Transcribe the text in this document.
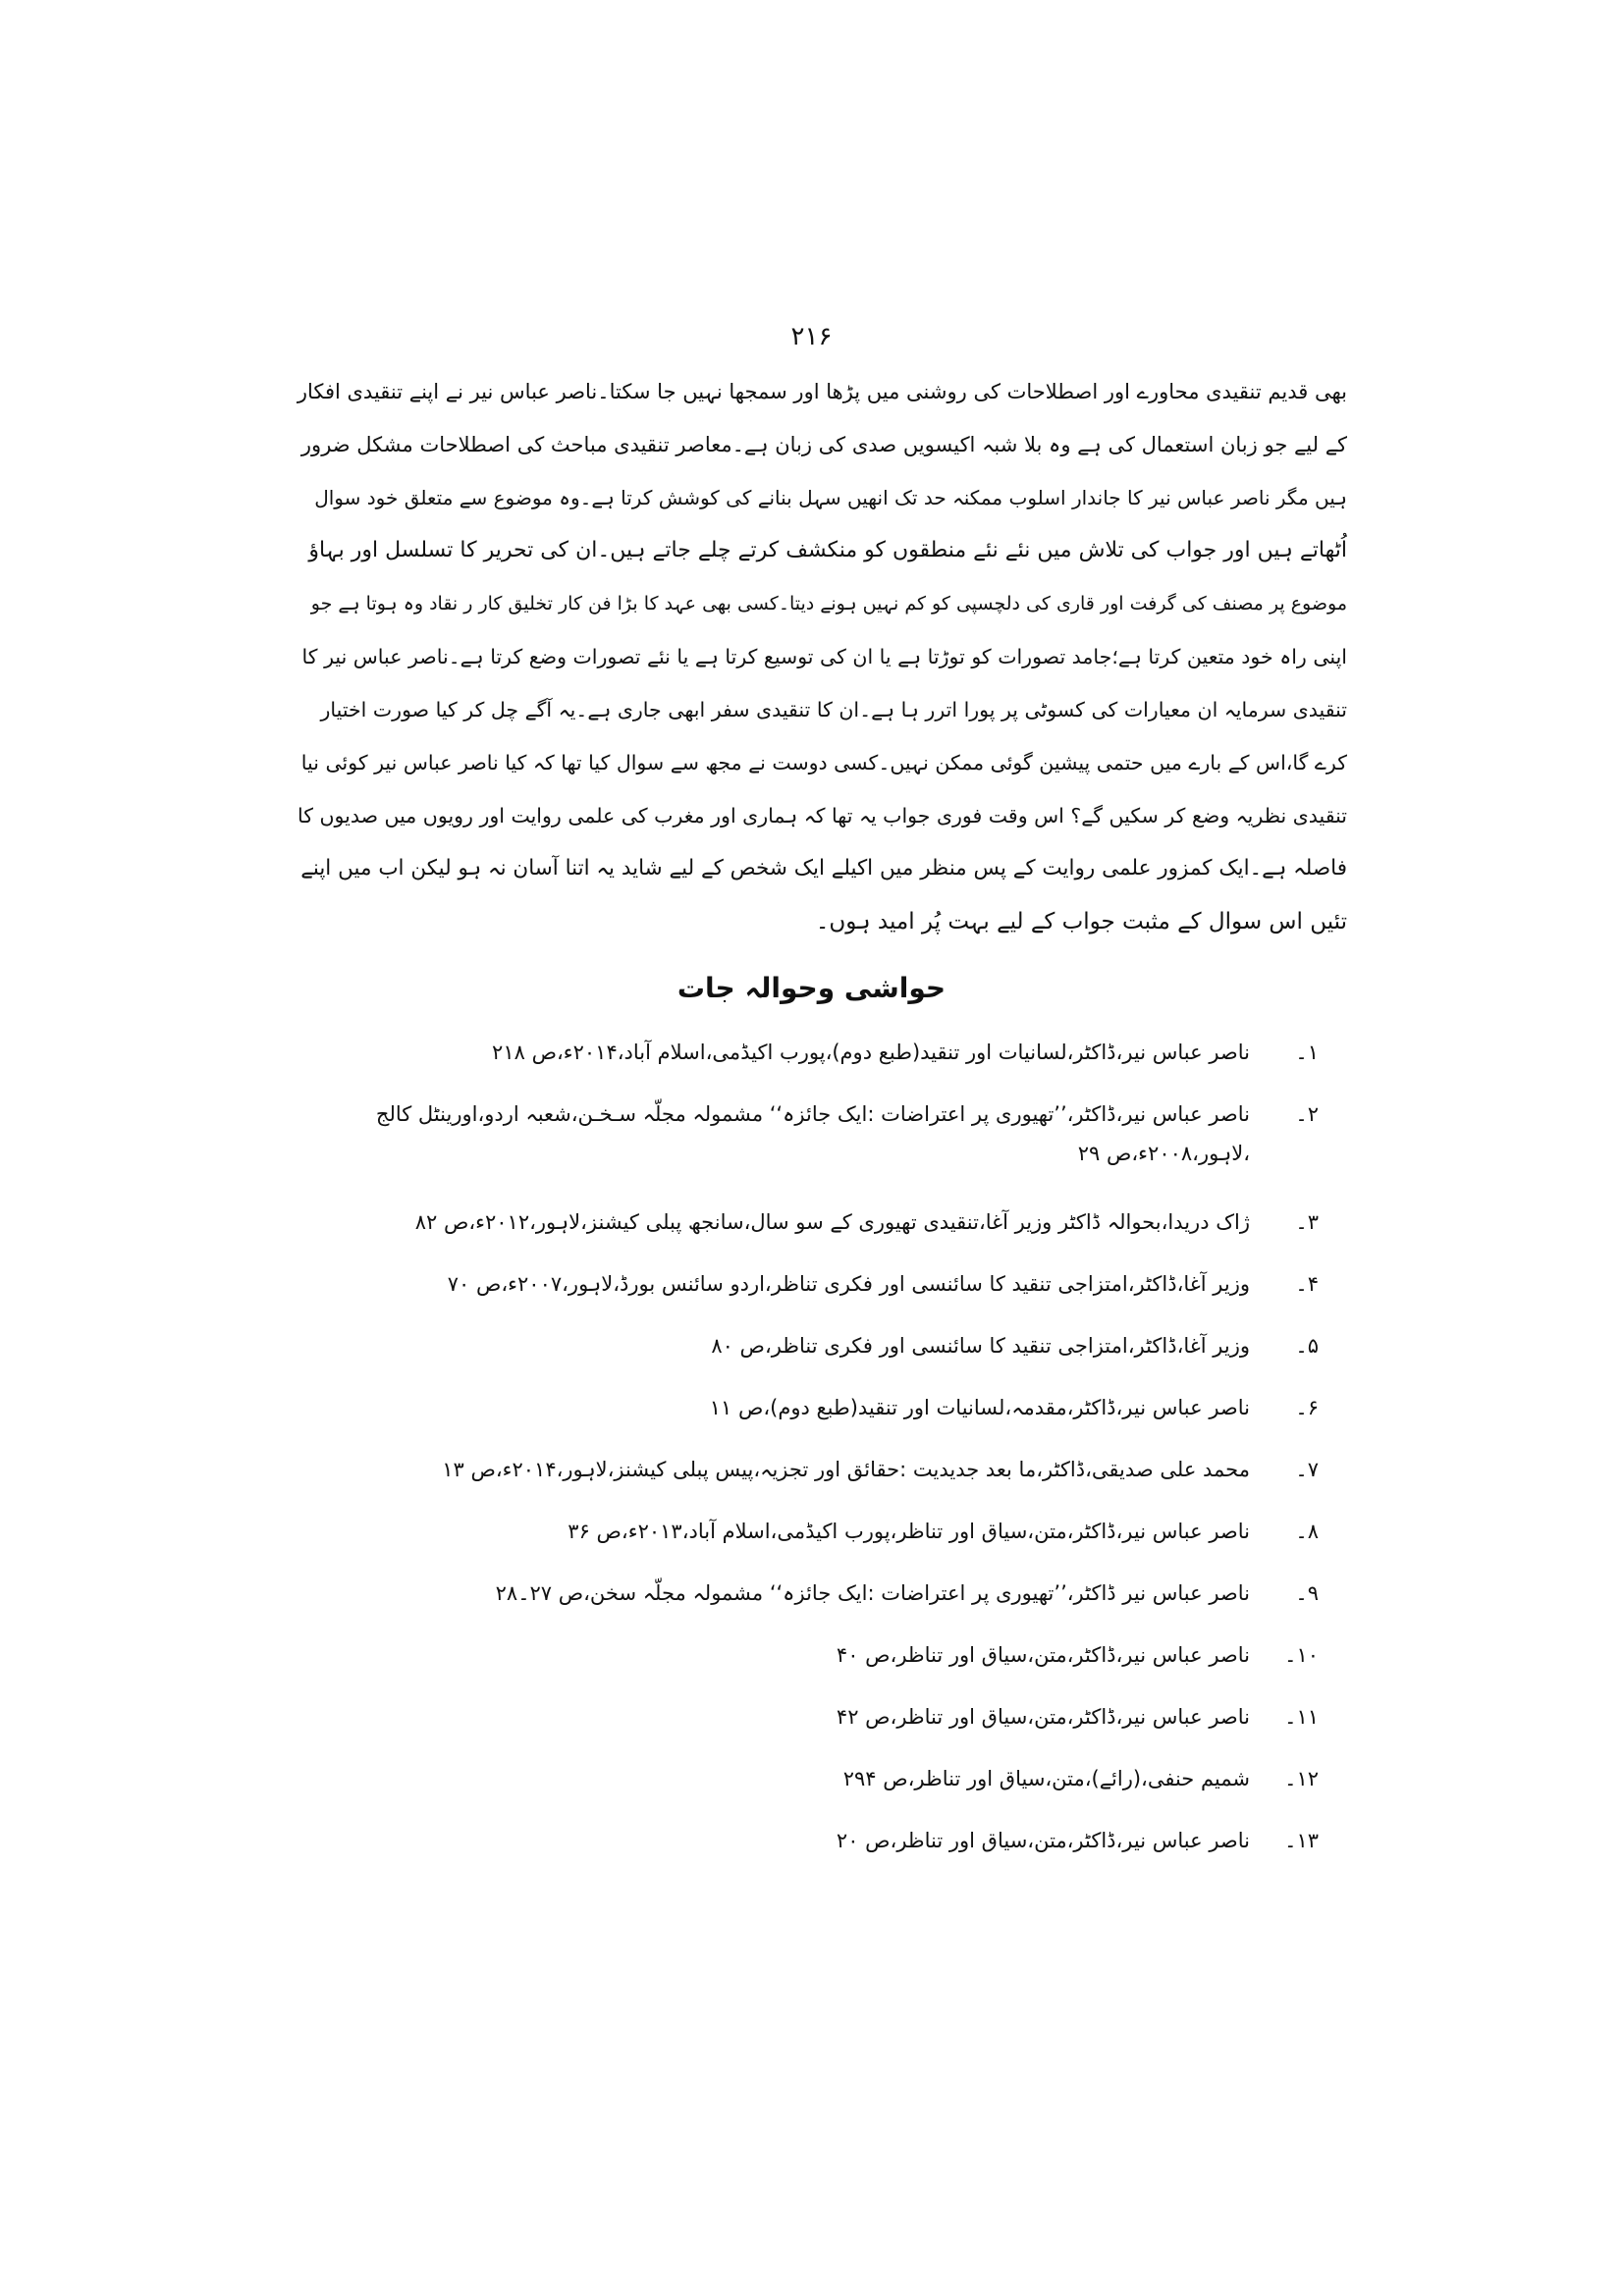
۲۱۶
بھی قدیم تنقیدی محاورے اور اصطلاحات کی روشنی میں پڑھا اور سمجھا نہیں جا سکتا۔ناصر عباس نیر نے اپنے تنقیدی افکار
کے لیے جو زبان استعمال کی ہے وہ بلا شبہ اکیسویں صدی کی زبان ہے۔معاصر تنقیدی مباحث کی اصطلاحات مشکل ضرور
ہیں مگر ناصر عباس نیر کا جاندار اسلوب ممکنہ حد تک انھیں سہل بنانے کی کوشش کرتا ہے۔وہ موضوع سے متعلق خود سوال
اُٹھاتے ہیں اور جواب کی تلاش میں نئے نئے منطقوں کو منکشف کرتے چلے جاتے ہیں۔ان کی تحریر کا تسلسل اور بہاؤ
موضوع پر مصنف کی گرفت اور قاری کی دلچسپی کو کم نہیں ہونے دیتا۔کسی بھی عہد کا بڑا فن کار تخلیق کار ر نقاد وہ ہوتا ہے جو
اپنی راہ خود متعین کرتا ہے؛جامد تصورات کو توڑتا ہے یا ان کی توسیع کرتا ہے یا نئے تصورات وضع کرتا ہے۔ناصر عباس نیر کا
تنقیدی سرمایہ ان معیارات کی کسوٹی پر پورا اترر ہا ہے۔ان کا تنقیدی سفر ابھی جاری ہے۔یہ آگے چل کر کیا صورت اختیار
کرے گا،اس کے بارے میں حتمی پیشین گوئی ممکن نہیں۔کسی دوست نے مجھ سے سوال کیا تھا کہ کیا ناصر عباس نیر کوئی نیا
تنقیدی نظریہ وضع کر سکیں گے؟ اس وقت فوری جواب یہ تھا کہ ہماری اور مغرب کی علمی روایت اور رویوں میں صدیوں کا
فاصلہ ہے۔ایک کمزور علمی روایت کے پس منظر میں اکیلے ایک شخص کے لیے شاید یہ اتنا آسان نہ ہو لیکن اب میں اپنے
تئیں اس سوال کے مثبت جواب کے لیے بہت پُر امید ہوں۔
حواشی وحوالہ جات
۱۔
ناصر عباس نیر،ڈاکٹر،لسانیات اور تنقید(طبع دوم)،پورب اکیڈمی،اسلام آباد،۲۰۱۴ء،ص ۲۱۸
۲۔
ناصر عباس نیر،ڈاکٹر،’’تھیوری پر اعتراضات :ایک جائزہ‘‘ مشمولہ مجلّہ سـخـن،شعبہ اردو،اورینٹل کالج
،لاہور،۲۰۰۸ء،ص ۲۹
۳۔
ژاک دریدا،بحوالہ ڈاکٹر وزیر آغا،تنقیدی تھیوری کے سو سال،سانجھ پبلی کیشنز،لاہور،۲۰۱۲ء،ص ۸۲
۴۔
وزیر آغا،ڈاکٹر،امتزاجی تنقید کا سائنسی اور فکری تناظر،اردو سائنس بورڈ،لاہور،۲۰۰۷ء،ص ۷۰
۵۔
وزیر آغا،ڈاکٹر،امتزاجی تنقید کا سائنسی اور فکری تناظر،ص ۸۰
۶۔
ناصر عباس نیر،ڈاکٹر،مقدمہ،لسانیات اور تنقید(طبع دوم)،ص ۱۱
۷۔
محمد علی صدیقی،ڈاکٹر،ما بعد جدیدیت :حقائق اور تجزیہ،پیس پبلی کیشنز،لاہور،۲۰۱۴ء،ص ۱۳
۸۔
ناصر عباس نیر،ڈاکٹر،متن،سیاق اور تناظر،پورب اکیڈمی،اسلام آباد،۲۰۱۳ء،ص ۳۶
۹۔
ناصر عباس نیر ڈاکٹر،’’تھیوری پر اعتراضات :ایک جائزہ‘‘ مشمولہ مجلّہ سخن،ص ۲۷۔۲۸
۱۰۔
ناصر عباس نیر،ڈاکٹر،متن،سیاق اور تناظر،ص ۴۰
۱۱۔
ناصر عباس نیر،ڈاکٹر،متن،سیاق اور تناظر،ص ۴۲
۱۲۔
شمیم حنفی،(رائے)،متن،سیاق اور تناظر،ص ۲۹۴
۱۳۔
ناصر عباس نیر،ڈاکٹر،متن،سیاق اور تناظر،ص ۲۰
